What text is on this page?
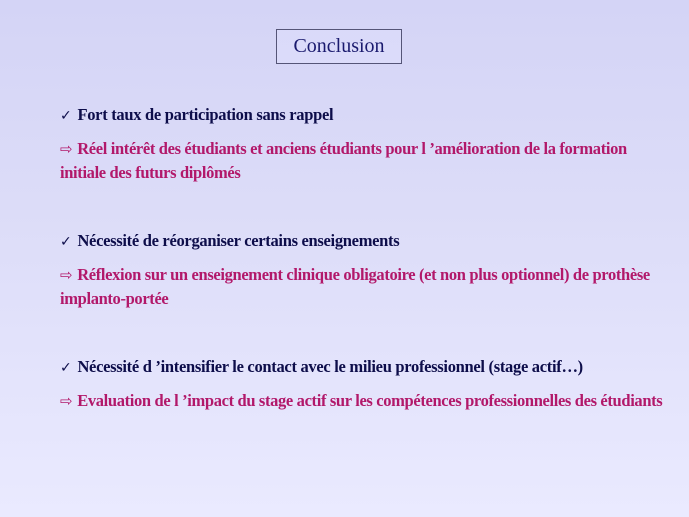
Conclusion
✓ Fort taux de participation sans rappel
⇨ Réel intérêt des étudiants et anciens étudiants pour l ’amélioration de la formation initiale des futurs diplômés
✓ Nécessité de réorganiser certains enseignements
⇨ Réflexion sur un enseignement clinique obligatoire (et non plus optionnel) de prothèse implanto-portée
✓ Nécessité d ’intensifier le contact avec le milieu professionnel (stage actif…)
⇨ Evaluation de l ’impact du stage actif sur les compétences professionnelles des étudiants
